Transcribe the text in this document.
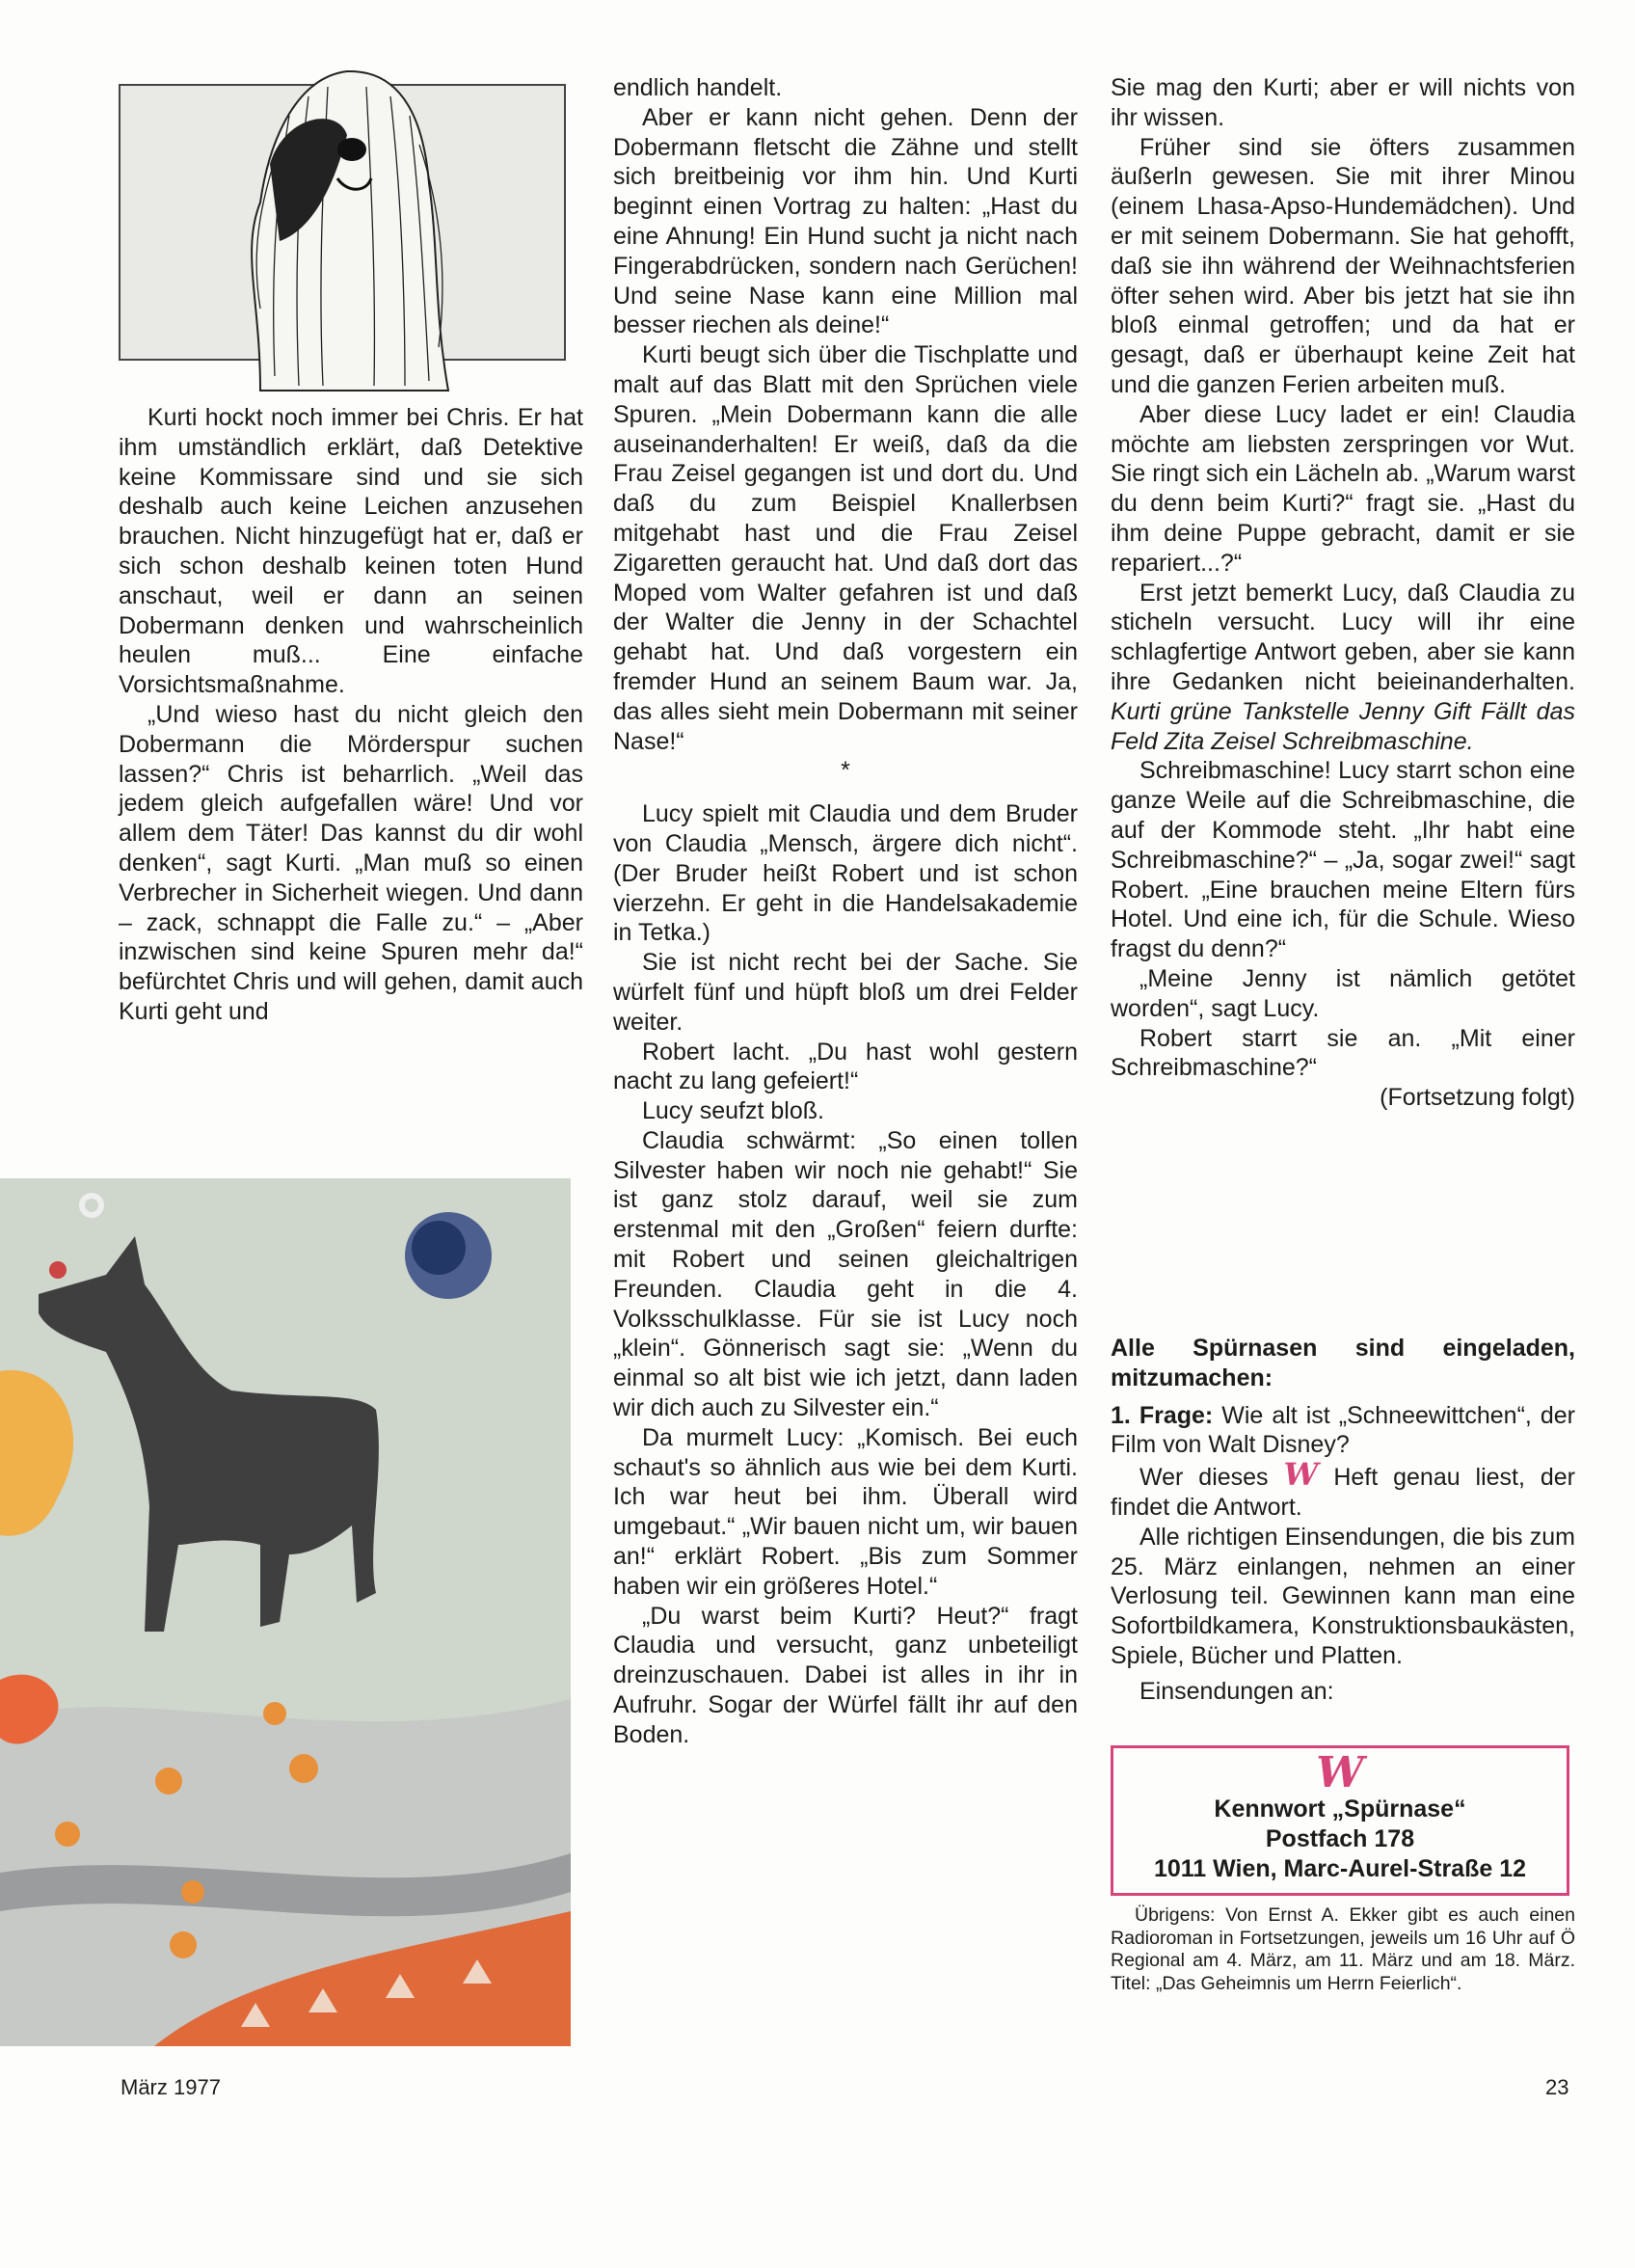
Kurti hockt noch immer bei Chris. Er hat ihm umständlich erklärt, daß Detektive keine Kommissare sind und sie sich deshalb auch keine Leichen anzusehen brauchen. Nicht hinzugefügt hat er, daß er sich schon deshalb keinen toten Hund anschaut, weil er dann an seinen Dobermann denken und wahrscheinlich heulen muß... Eine einfache Vorsichtsmaßnahme.

„Und wieso hast du nicht gleich den Dobermann die Mörderspur suchen lassen?“ Chris ist beharrlich. „Weil das jedem gleich aufgefallen wäre! Und vor allem dem Täter! Das kannst du dir wohl denken“, sagt Kurti. „Man muß so einen Verbrecher in Sicherheit wiegen. Und dann – zack, schnappt die Falle zu.“ – „Aber inzwischen sind keine Spuren mehr da!“ befürchtet Chris und will gehen, damit auch Kurti geht und

endlich handelt.

Aber er kann nicht gehen. Denn der Dobermann fletscht die Zähne und stellt sich breitbeinig vor ihm hin. Und Kurti beginnt einen Vortrag zu halten: „Hast du eine Ahnung! Ein Hund sucht ja nicht nach Fingerabdrücken, sondern nach Gerüchen! Und seine Nase kann eine Million mal besser riechen als deine!“

Kurti beugt sich über die Tischplatte und malt auf das Blatt mit den Sprüchen viele Spuren. „Mein Dobermann kann die alle auseinanderhalten! Er weiß, daß da die Frau Zeisel gegangen ist und dort du. Und daß du zum Beispiel Knallerbsen mitgehabt hast und die Frau Zeisel Zigaretten geraucht hat. Und daß dort das Moped vom Walter gefahren ist und daß der Walter die Jenny in der Schachtel gehabt hat. Und daß vorgestern ein fremder Hund an seinem Baum war. Ja, das alles sieht mein Dobermann mit seiner Nase!“

*

Lucy spielt mit Claudia und dem Bruder von Claudia „Mensch, ärgere dich nicht“. (Der Bruder heißt Robert und ist schon vierzehn. Er geht in die Handelsakademie in Tetka.)

Sie ist nicht recht bei der Sache. Sie würfelt fünf und hüpft bloß um drei Felder weiter.

Robert lacht. „Du hast wohl gestern nacht zu lang gefeiert!“

Lucy seufzt bloß.

Claudia schwärmt: „So einen tollen Silvester haben wir noch nie gehabt!“ Sie ist ganz stolz darauf, weil sie zum erstenmal mit den „Großen“ feiern durfte: mit Robert und seinen gleichaltrigen Freunden. Claudia geht in die 4. Volksschulklasse. Für sie ist Lucy noch „klein“. Gönnerisch sagt sie: „Wenn du einmal so alt bist wie ich jetzt, dann laden wir dich auch zu Silvester ein.“

Da murmelt Lucy: „Komisch. Bei euch schaut's so ähnlich aus wie bei dem Kurti. Ich war heut bei ihm. Überall wird umgebaut.“ „Wir bauen nicht um, wir bauen an!“ erklärt Robert. „Bis zum Sommer haben wir ein größeres Hotel.“

„Du warst beim Kurti? Heut?“ fragt Claudia und versucht, ganz unbeteiligt dreinzuschauen. Dabei ist alles in ihr in Aufruhr. Sogar der Würfel fällt ihr auf den Boden.

Sie mag den Kurti; aber er will nichts von ihr wissen.

Früher sind sie öfters zusammen äußerln gewesen. Sie mit ihrer Minou (einem Lhasa-Apso-Hundemädchen). Und er mit seinem Dobermann. Sie hat gehofft, daß sie ihn während der Weihnachtsferien öfter sehen wird. Aber bis jetzt hat sie ihn bloß einmal getroffen; und da hat er gesagt, daß er überhaupt keine Zeit hat und die ganzen Ferien arbeiten muß.

Aber diese Lucy ladet er ein! Claudia möchte am liebsten zerspringen vor Wut. Sie ringt sich ein Lächeln ab. „Warum warst du denn beim Kurti?“ fragt sie. „Hast du ihm deine Puppe gebracht, damit er sie repariert...?“

Erst jetzt bemerkt Lucy, daß Claudia zu sticheln versucht. Lucy will ihr eine schlagfertige Antwort geben, aber sie kann ihre Gedanken nicht beieinanderhalten. Kurti grüne Tankstelle Jenny Gift Fällt das Feld Zita Zeisel Schreibmaschine.

Schreibmaschine! Lucy starrt schon eine ganze Weile auf die Schreibmaschine, die auf der Kommode steht. „Ihr habt eine Schreibmaschine?“ – „Ja, sogar zwei!“ sagt Robert. „Eine brauchen meine Eltern fürs Hotel. Und eine ich, für die Schule. Wieso fragst du denn?“

„Meine Jenny ist nämlich getötet worden“, sagt Lucy.

Robert starrt sie an. „Mit einer Schreibmaschine?“

(Fortsetzung folgt)

Alle Spürnasen sind eingeladen, mitzumachen:

1. Frage: Wie alt ist „Schneewittchen“, der Film von Walt Disney?

Wer dieses W Heft genau liest, der findet die Antwort.

Alle richtigen Einsendungen, die bis zum 25. März einlangen, nehmen an einer Verlosung teil. Gewinnen kann man eine Sofortbildkamera, Konstruktionsbaukästen, Spiele, Bücher und Platten.

Einsendungen an:

W
Kennwort „Spürnase“
Postfach 178
1011 Wien, Marc-Aurel-Straße 12

Übrigens: Von Ernst A. Ekker gibt es auch einen Radioroman in Fortsetzungen, jeweils um 16 Uhr auf Ö Regional am 4. März, am 11. März und am 18. März. Titel: „Das Geheimnis um Herrn Feierlich“.

März 1977	23
